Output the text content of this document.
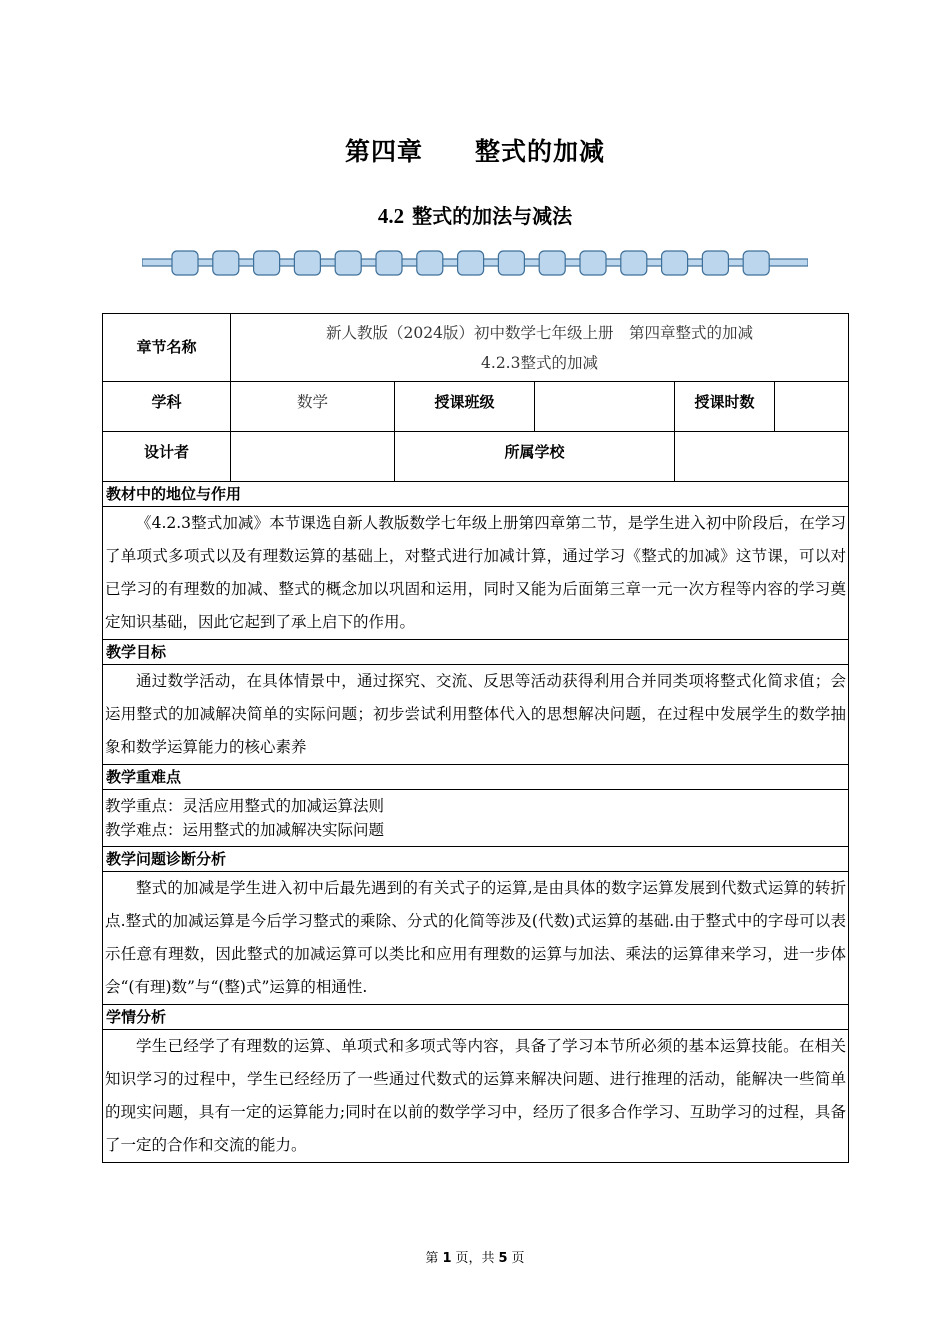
第四章 整式的加减
4.2 整式的加法与减法
章节名称	新人教版（2024版）初中数学七年级上册　第四章整式的加减
4.2.3整式的加减				

学科	数学	授课班级		授课时数	
设计者		所属学校			
教材中的地位与作用					
《4.2.3整式加减》本节课选自新人教版数学七年级上册第四章第二节，是学生进入初中阶段后，在学习了单项式多项式以及有理数运算的基础上，对整式进行加减计算，通过学习《整式的加减》这节课，可以对已学习的有理数的加减、整式的概念加以巩固和运用，同时又能为后面第三章一元一次方程等内容的学习奠定知识基础，因此它起到了承上启下的作用。					
教学目标					
通过数学活动，在具体情景中，通过探究、交流、反思等活动获得利用合并同类项将整式化简求值；会运用整式的加减解决简单的实际问题；初步尝试利用整体代入的思想解决问题，在过程中发展学生的数学抽象和数学运算能力的核心素养					
教学重难点					

教学重点：灵活应用整式的加减运算法则
教学难点：运用整式的加减解决实际问题					

教学问题诊断分析					
整式的加减是学生进入初中后最先遇到的有关式子的运算,是由具体的数字运算发展到代数式运算的转折点.整式的加减运算是今后学习整式的乘除、分式的化简等涉及(代数)式运算的基础.由于整式中的字母可以表示任意有理数，因此整式的加减运算可以类比和应用有理数的运算与加法、乘法的运算律来学习，进一步体会“(有理)数”与“(整)式”运算的相通性.					
学情分析					
学生已经学了有理数的运算、单项式和多项式等内容，具备了学习本节所必须的基本运算技能。在相关知识学习的过程中，学生已经经历了一些通过代数式的运算来解决问题、进行推理的活动，能解决一些简单的现实问题，具有一定的运算能力;同时在以前的数学学习中，经历了很多合作学习、互助学习的过程，具备了一定的合作和交流的能力。					
第 1 页，共 5 页
